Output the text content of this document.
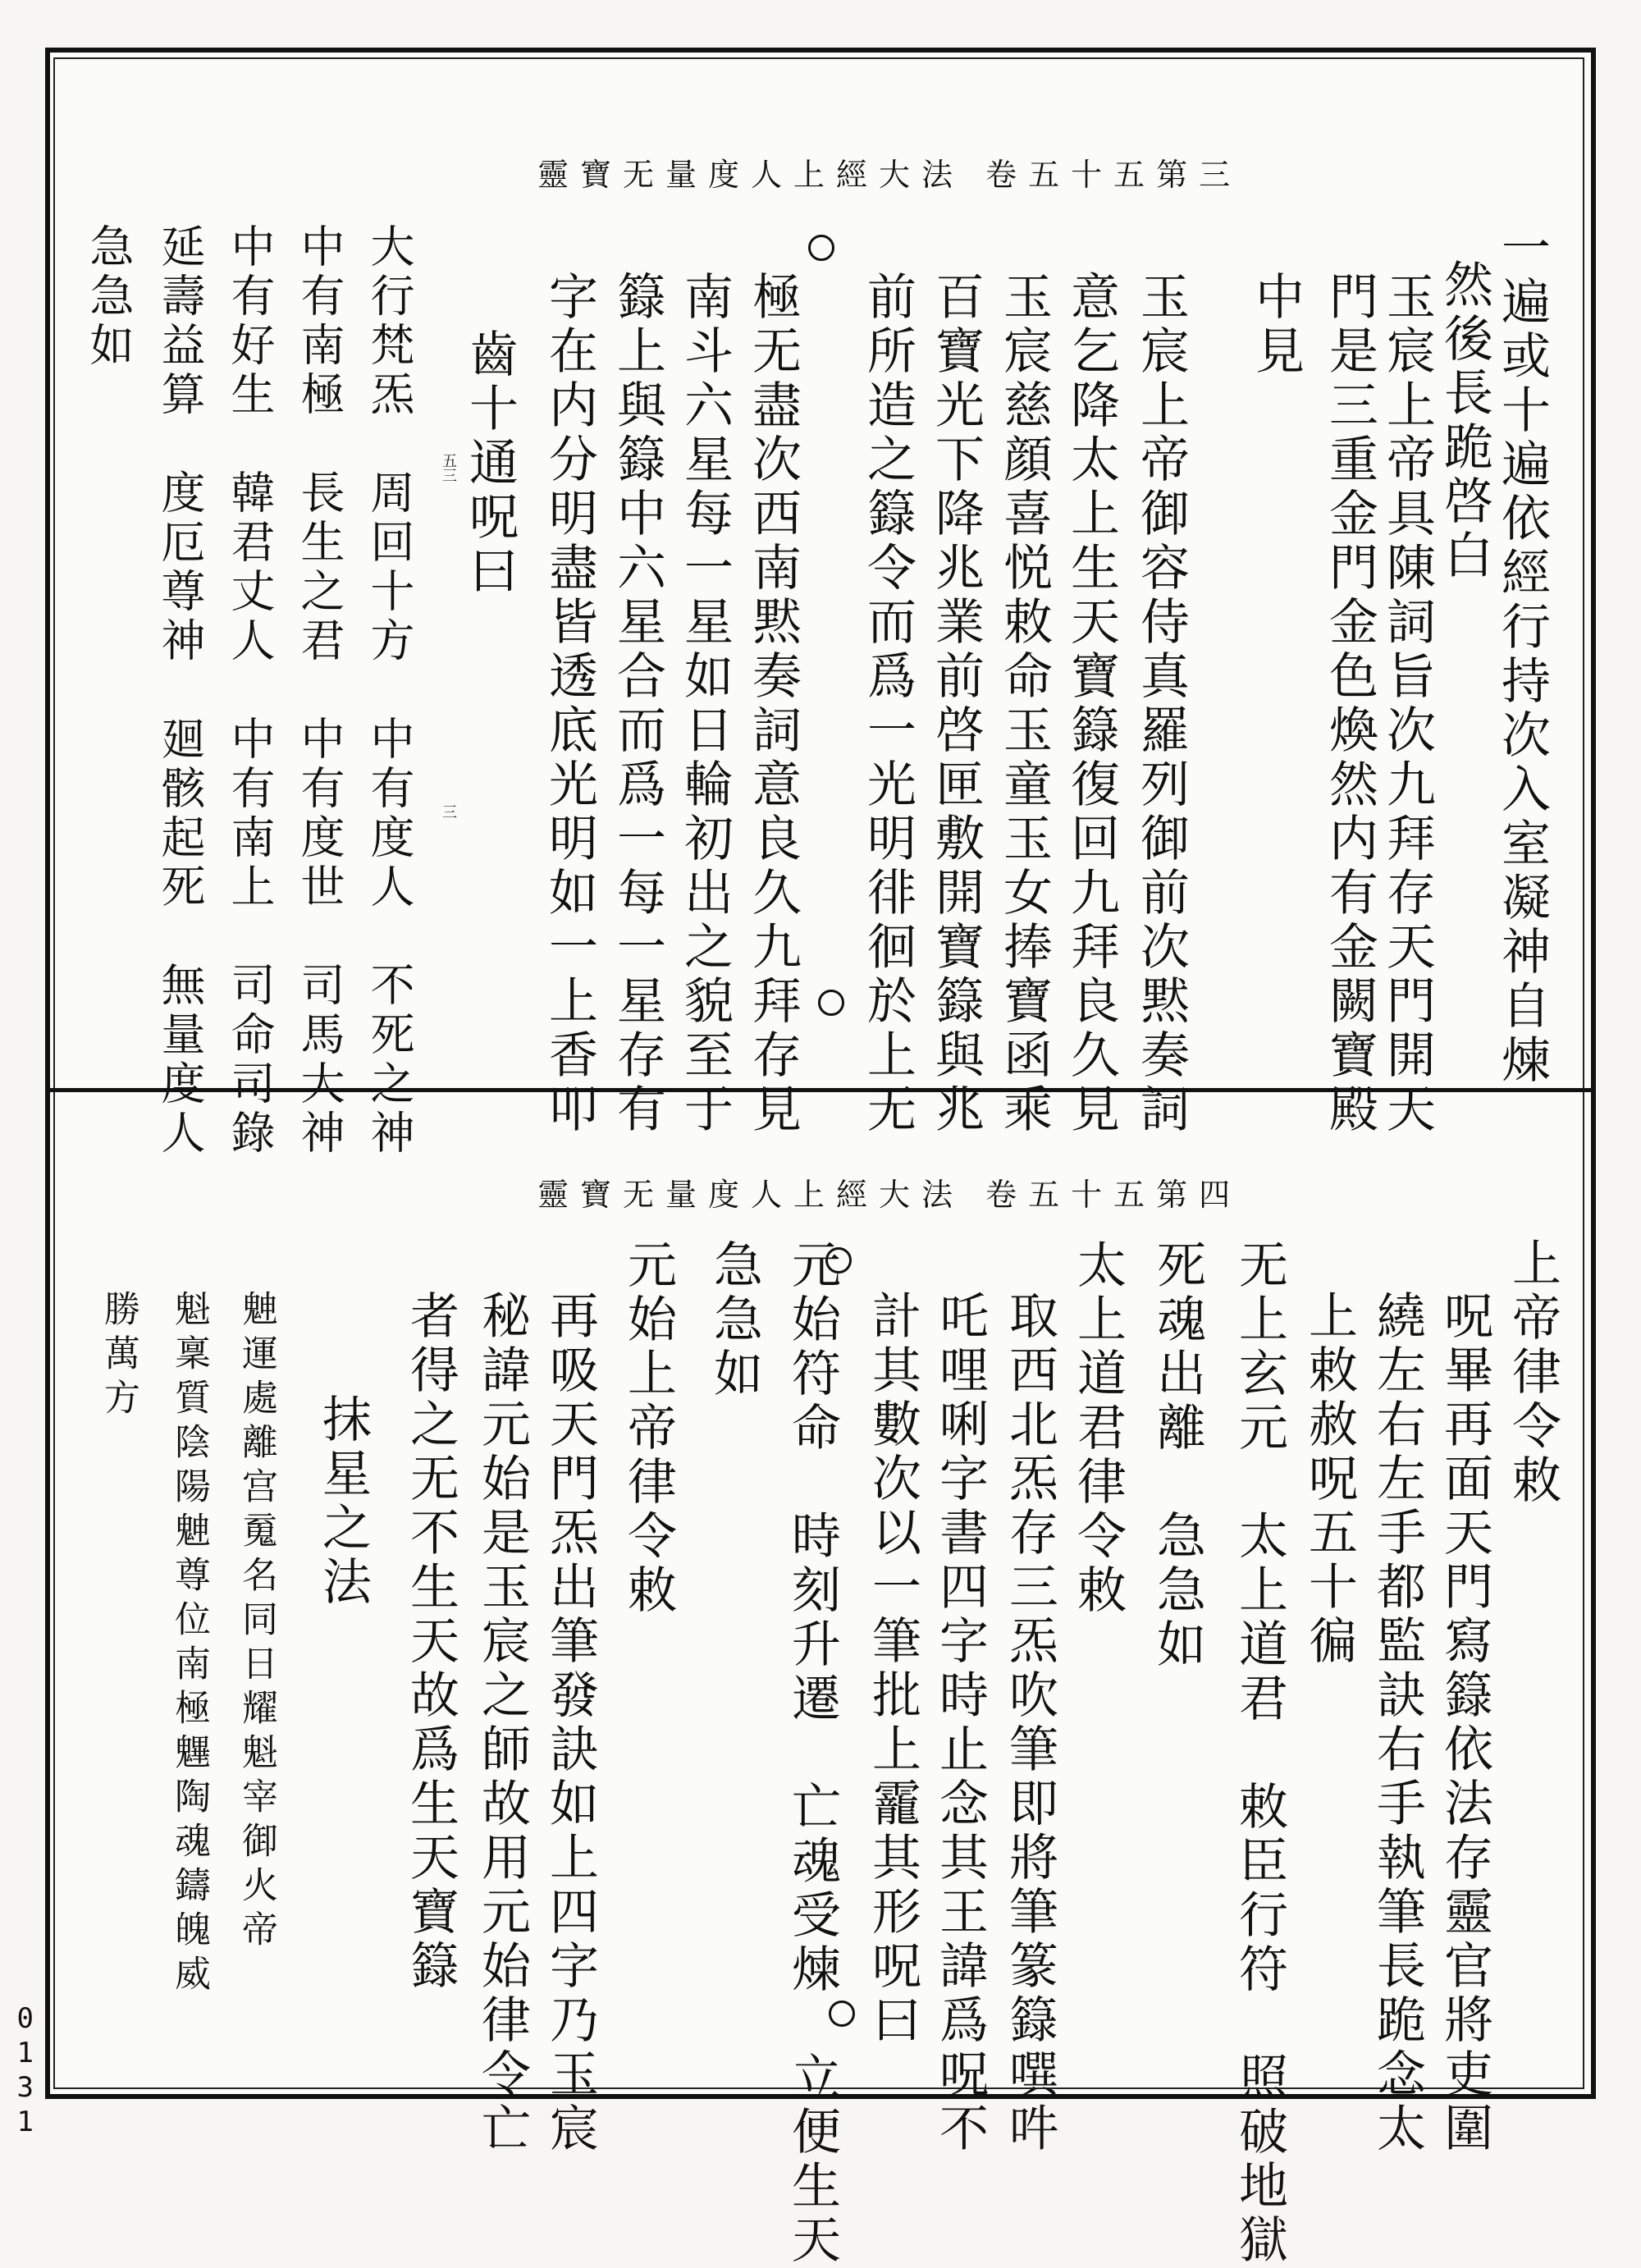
靈寶无量度人上經大法 卷五十五第三
一遍或十遍依經行持次入室凝神自煉
然後長跪啓白
玉宸上帝具陳詞旨次九拜存天門開天
門是三重金門金色煥然内有金闕寶殿
中見
玉宸上帝御容侍真羅列御前次黙奏詞
意乞降太上生天寶籙復回九拜良久見
玉宸慈顔喜悦敕命玉童玉女捧寶函乘
百寶光下降兆業前啓匣敷開寶籙與兆
前所造之籙令而爲一光明徘徊於上无
極无盡次西南黙奏詞意良久九拜存見
南斗六星每一星如日輪初出之貌至于
籙上與籙中六星合而爲一每一星存有
字在内分明盡皆透底光明如一上香叩
齒十通呪曰
大行梵炁　周回十方　中有度人　不死之神
中有南極　長生之君　中有度世　司馬大神
中有好生　韓君丈人　中有南上　司命司錄
延壽益算　度厄尊神　廻骸起死　無量度人
急急如
三
五三
靈寶无量度人上經大法 卷五十五第四
上帝律令敕
呪畢再面天門寫籙依法存靈官將吏圍
繞左右左手都監訣右手執筆長跪念太
上敕赦呪五十徧
无上玄元　太上道君　敕臣行符　照破地獄
死魂出離　急急如
太上道君律令敕
取西北炁存三炁吹筆即將筆篆籙噀吽
吒哩唎字書四字時止念其王諱爲呪不
計其數次以一筆批上靇其形呪曰
元始符命　時刻升遷　亡魂受煉　立便生天
急急如
元始上帝律令敕
再吸天門炁出筆發訣如上四字乃玉宸
秘諱元始是玉宸之師故用元始律令亡
者得之无不生天故爲生天寶籙
抹星之法
䰠運處離宫䰟名同日耀魁宰御火帝
魁稟質陰陽䰠尊位南極魓陶魂鑄魄威
勝萬方
0131
